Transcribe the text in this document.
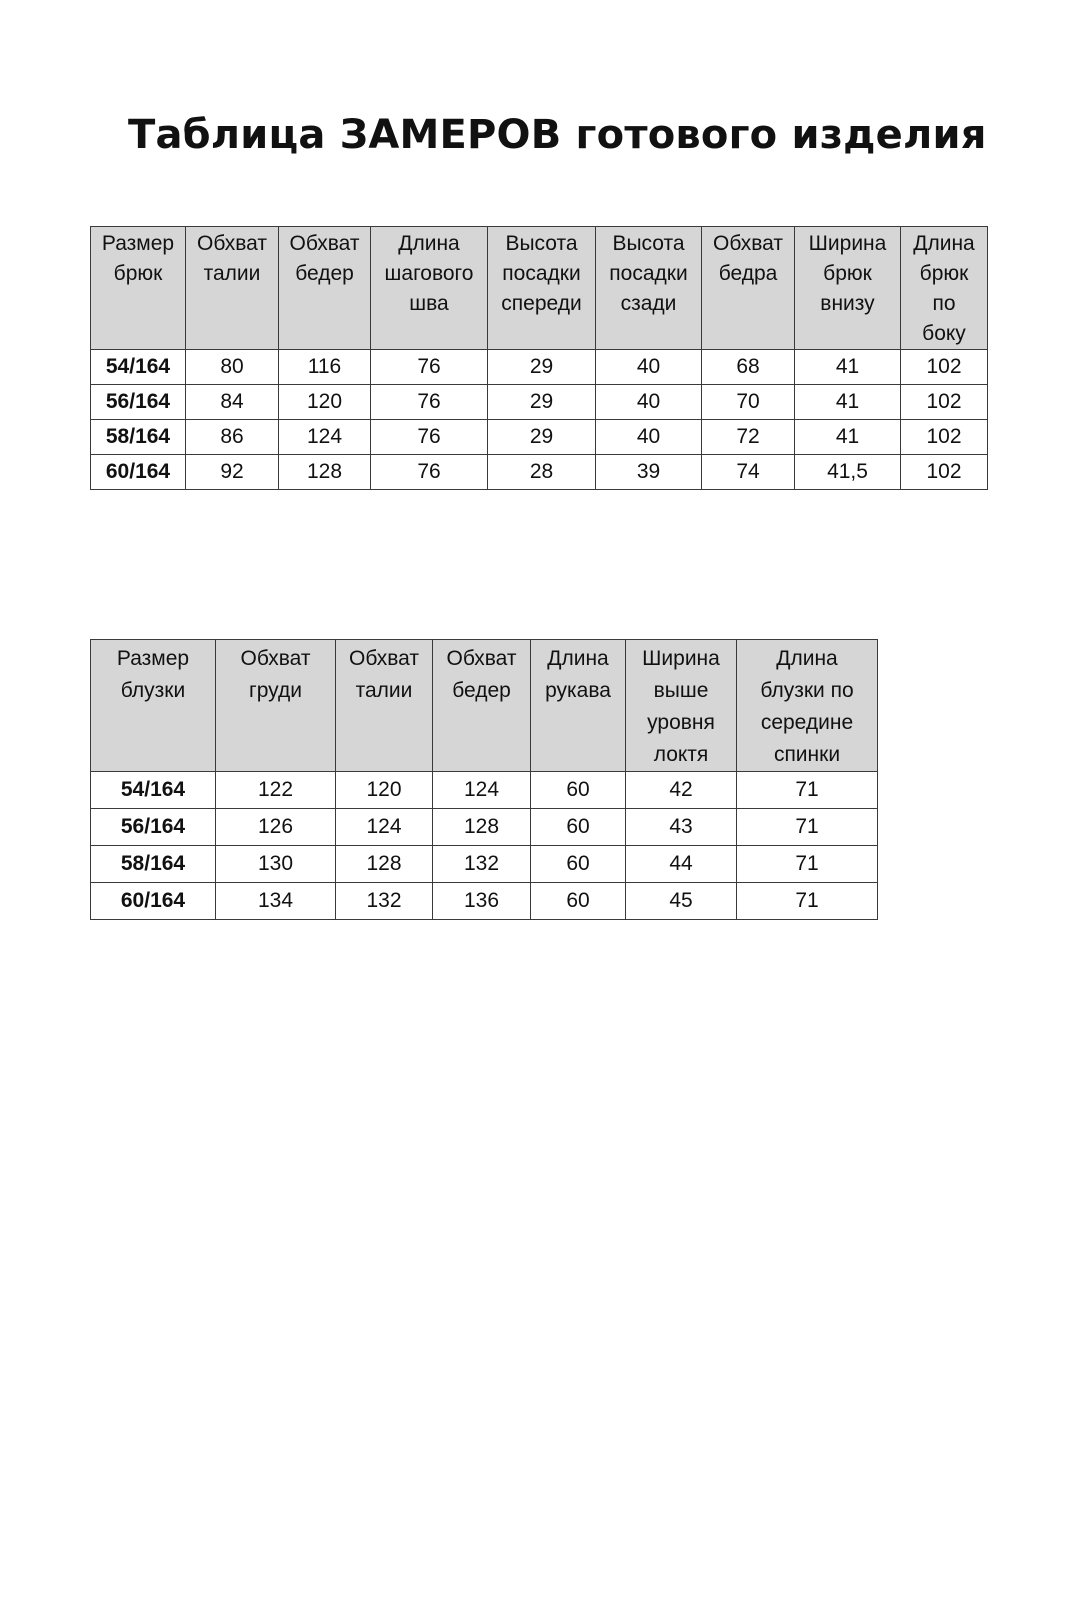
Таблица ЗАМЕРОВ готового изделия
Размер
брюк	Обхват
талии	Обхват
бедер	Длина
шагового
шва	Высота
посадки
спереди	Высота
посадки
сзади	Обхват
бедра	Ширина
брюк
внизу	Длина
брюк
по
боку
54/164	80	116	76	29	40	68	41	102
56/164	84	120	76	29	40	70	41	102
58/164	86	124	76	29	40	72	41	102
60/164	92	128	76	28	39	74	41,5	102
Размер
блузки	Обхват
груди	Обхват
талии	Обхват
бедер	Длина
рукава	Ширина
выше
уровня
локтя	Длина
блузки по
середине
спинки
54/164	122	120	124	60	42	71
56/164	126	124	128	60	43	71
58/164	130	128	132	60	44	71
60/164	134	132	136	60	45	71
